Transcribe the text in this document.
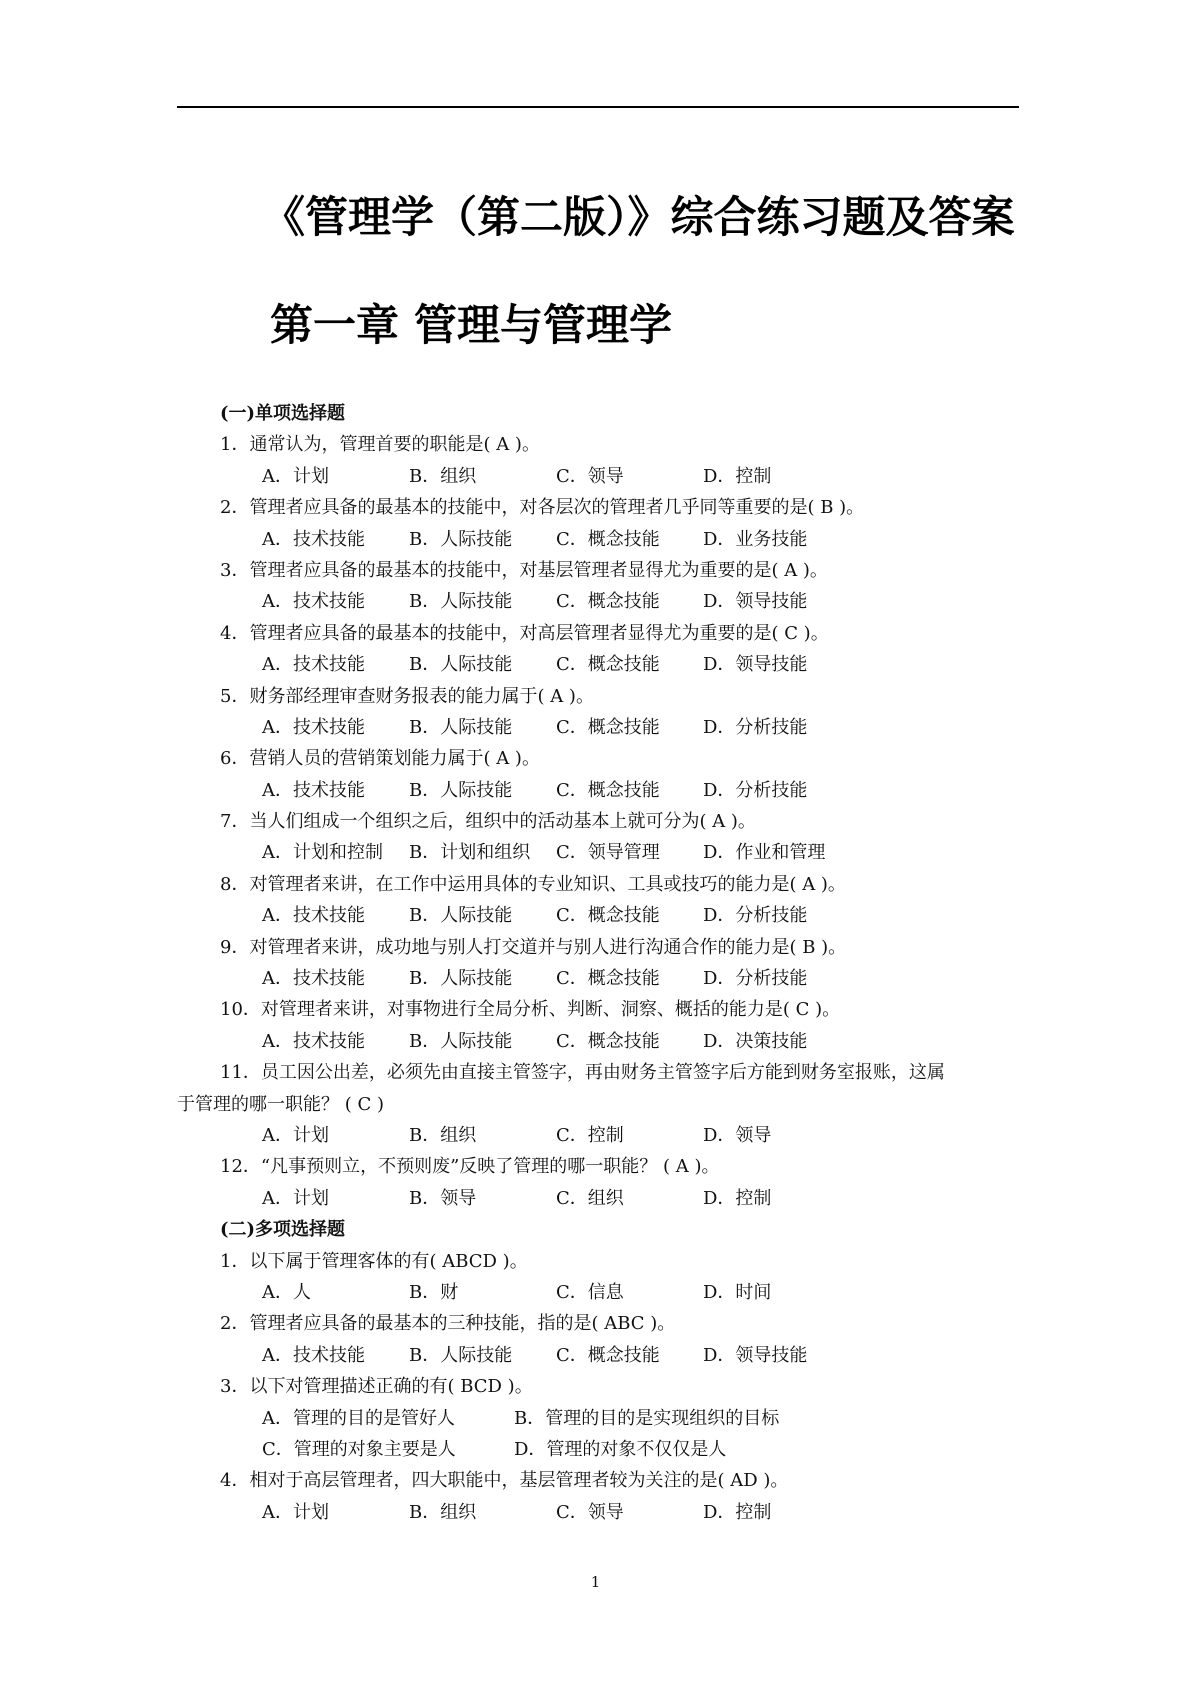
《管理学（第二版）》综合练习题及答案
第一章 管理与管理学
(一)单项选择题
1．通常认为，管理首要的职能是( A )。
A．计划	B．组织	C．领导	D．控制
2．管理者应具备的最基本的技能中，对各层次的管理者几乎同等重要的是( B )。
A．技术技能 B．人际技能 C．概念技能 D．业务技能
3．管理者应具备的最基本的技能中，对基层管理者显得尤为重要的是( A )。
A．技术技能 B．人际技能 C．概念技能 D．领导技能
4．管理者应具备的最基本的技能中，对高层管理者显得尤为重要的是( C )。
A．技术技能 B．人际技能 C．概念技能 D．领导技能
5．财务部经理审查财务报表的能力属于( A )。
A．技术技能 B．人际技能 C．概念技能 D．分析技能
6．营销人员的营销策划能力属于( A )。
A．技术技能 B．人际技能 C．概念技能 D．分析技能
7．当人们组成一个组织之后，组织中的活动基本上就可分为( A )。
A．计划和控制 B．计划和组织 C．领导管理 D．作业和管理
8．对管理者来讲，在工作中运用具体的专业知识、工具或技巧的能力是( A )。
A．技术技能 B．人际技能 C．概念技能 D．分析技能
9．对管理者来讲，成功地与别人打交道并与别人进行沟通合作的能力是( B )。
A．技术技能 B．人际技能 C．概念技能 D．分析技能
10．对管理者来讲，对事物进行全局分析、判断、洞察、概括的能力是( C )。
A．技术技能 B．人际技能 C．概念技能 D．决策技能
11．员工因公出差，必须先由直接主管签字，再由财务主管签字后方能到财务室报账，这属
于管理的哪一职能？ ( C )
A．计划	B．组织	C．控制	D．领导
12．“凡事预则立，不预则废”反映了管理的哪一职能？ ( A )。
A．计划	B．领导	C．组织	D．控制
(二)多项选择题
1．以下属于管理客体的有( ABCD )。
A．人	B．财	C．信息	D．时间
2．管理者应具备的最基本的三种技能，指的是( ABC )。
A．技术技能 B．人际技能 C．概念技能 D．领导技能
3．以下对管理描述正确的有( BCD )。
A．管理的目的是管好人	B．管理的目的是实现组织的目标
C．管理的对象主要是人	D．管理的对象不仅仅是人
4．相对于高层管理者，四大职能中，基层管理者较为关注的是( AD )。
A．计划	B．组织	C．领导	D．控制
1
